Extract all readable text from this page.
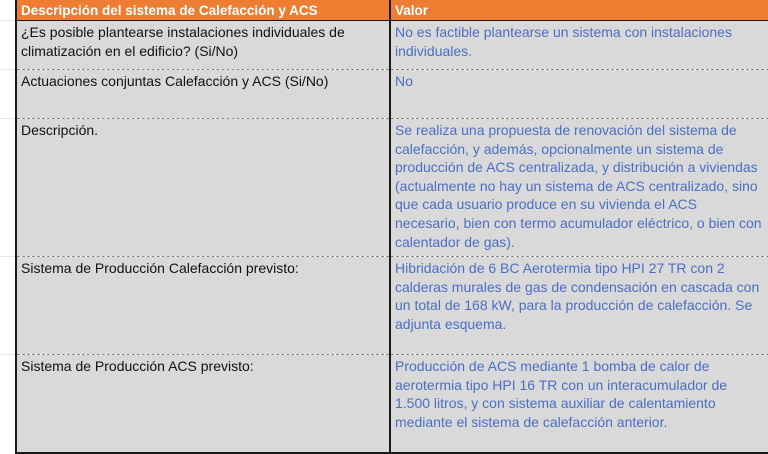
Descripción del sistema de Calefacción y ACS	Valor
¿Es posible plantearse instalaciones individuales de climatización en el edificio? (Si/No)	No es factible plantearse un sistema con instalaciones individuales.
Actuaciones conjuntas Calefacción y ACS (Si/No)	No
Descripción.	Se realiza una propuesta de renovación del sistema de calefacción, y además, opcionalmente un sistema de producción de ACS centralizada, y distribución a viviendas (actualmente no hay un sistema de ACS centralizado, sino que cada usuario produce en su vivienda el ACS necesario, bien con termo acumulador eléctrico, o bien con calentador de gas).
Sistema de Producción Calefacción previsto:	Hibridación de 6 BC Aerotermia tipo HPI 27 TR con 2 calderas murales de gas de condensación en cascada con un total de 168 kW, para la producción de calefacción. Se adjunta esquema.
Sistema de Producción ACS previsto:	Producción de ACS mediante 1 bomba de calor de aerotermia tipo HPI 16 TR con un interacumulador de 1.500 litros, y con sistema auxiliar de calentamiento mediante el sistema de calefacción anterior.
